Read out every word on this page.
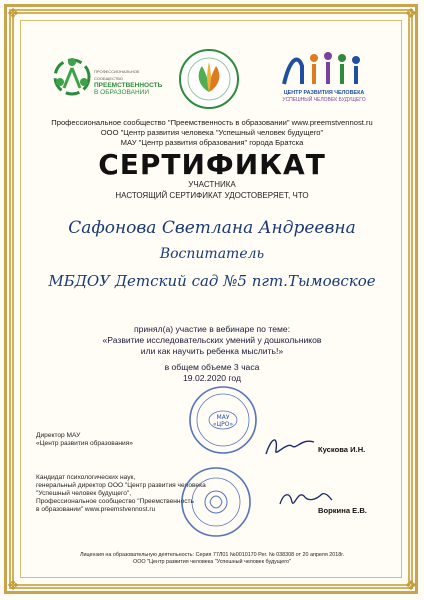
❖	❖
❖	❖
ПРОФЕССИОНАЛЬНОЕ СООБЩЕСТВО
ПРЕЕМСТВЕННОСТЬ
В ОБРАЗОВАНИИ	ЦЕНТР РАЗВИТИЯ ЧЕЛОВЕКА
УСПЕШНЫЙ ЧЕЛОВЕК БУДУЩЕГО
Профессиональное сообщество "Преемственность в образовании" www.preemstvennost.ru
ООО "Центр развития человека "Успешный человек будущего"
МАУ "Центр развития образования" города Братска
СЕРТИФИКАТ
УЧАСТНИКА
НАСТОЯЩИЙ СЕРТИФИКАТ УДОСТОВЕРЯЕТ, ЧТО
Сафонова Светлана Андреевна
Воспитатель
МБДОУ Детский сад №5 пгт.Тымовское
принял(а) участие в вебинаре по теме:
«Развитие исследовательских умений у дошкольников
или как научить ребенка мыслить!»
в общем объеме 3 часа
19.02.2020 год
Директор МАУ
«Центр развития образования»
Кускова И.Н.
МАУ
«ЦРО»
Кандидат психологических наук,
генеральный директор ООО "Центр развития человека
"Успешный человек будущего",
Профессиональное сообщество "Преемственность
в образовании" www.preemstvennost.ru	Воркина Е.В.
Лицензия на образовательную деятельность: Серия 77Л01 №0010170 Рег. № 038308 от 20 апреля 2018г.
ООО "Центр развития человека "Успешный человек будущего"
